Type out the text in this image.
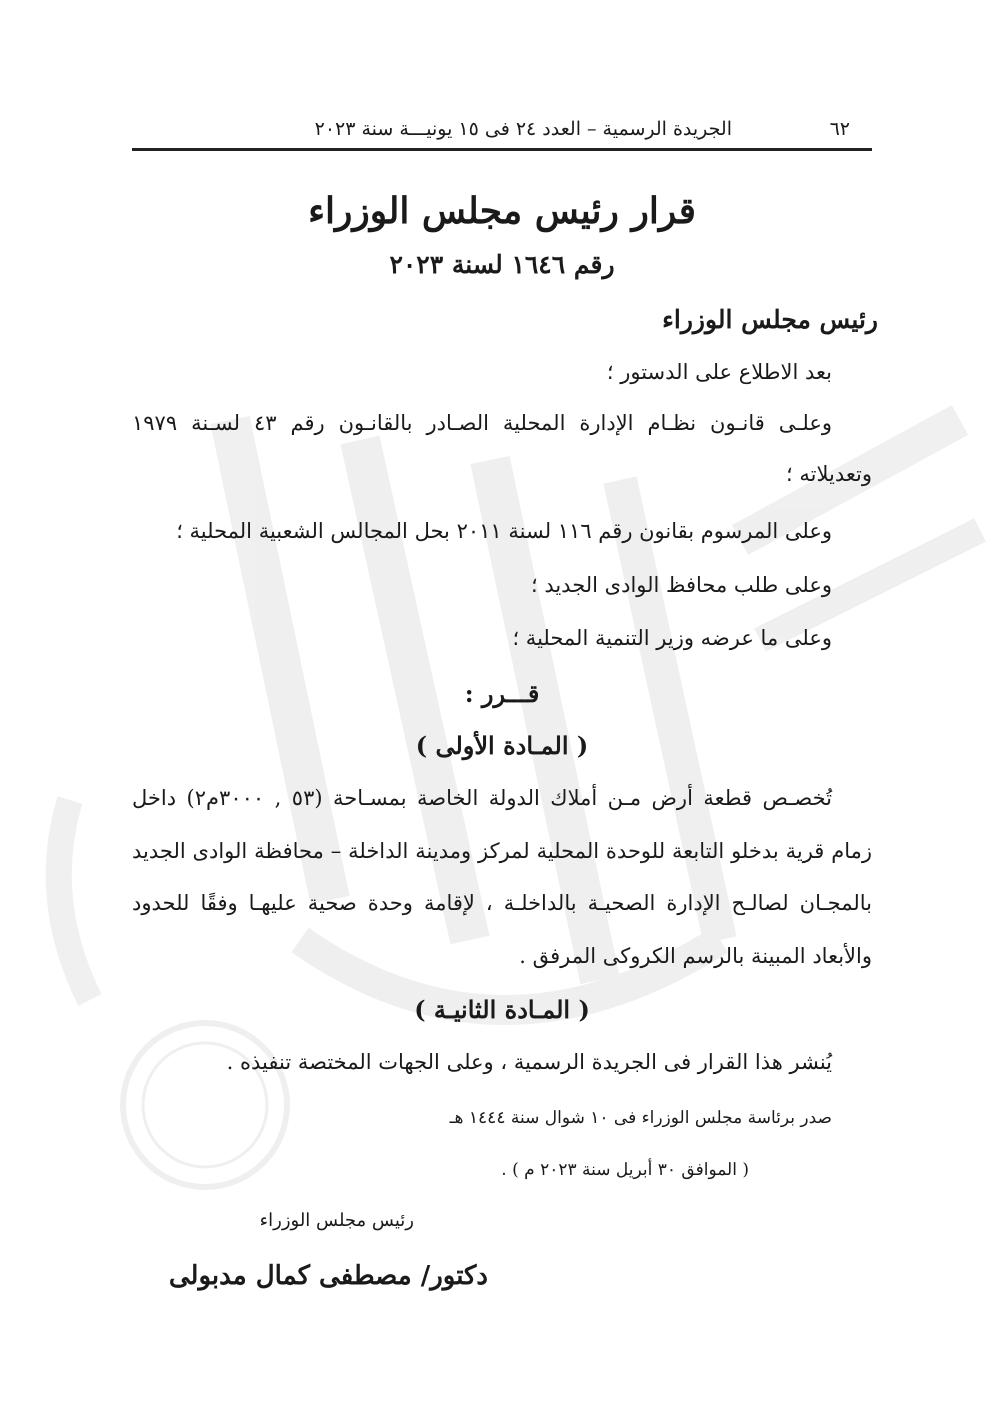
٦٢
الجريدة الرسمية – العدد ٢٤ فى ١٥ يونيـــة سنة ٢٠٢٣
قرار رئيس مجلس الوزراء
رقم ١٦٤٦ لسنة ٢٠٢٣
رئيس مجلس الوزراء
بعد الاطلاع على الدستور ؛
وعلـى قانـون نظـام الإدارة المحلية الصـادر بالقانـون رقم ٤٣ لسـنة ١٩٧٩
وتعديلاته ؛
وعلى المرسوم بقانون رقم ١١٦ لسنة ٢٠١١ بحل المجالس الشعبية المحلية ؛
وعلى طلب محافظ الوادى الجديد ؛
وعلى ما عرضه وزير التنمية المحلية ؛
قـــرر :
( المـادة الأولى )
تُخصـص قطعة أرض مـن أملاك الدولة الخاصة بمسـاحة (٥٣ , ٣٠٠٠م٢) داخل
زمام قرية بدخلو التابعة للوحدة المحلية لمركز ومدينة الداخلة – محافظة الوادى الجديد
بالمجـان لصالـح الإدارة الصحيـة بالداخلـة ، لإقامة وحدة صحية عليهـا وفقًا للحدود
والأبعاد المبينة بالرسم الكروكى المرفق .
( المـادة الثانيـة )
يُنشر هذا القرار فى الجريدة الرسمية ، وعلى الجهات المختصة تنفيذه .
صدر برئاسة مجلس الوزراء فى ١٠ شوال سنة ١٤٤٤ هـ
( الموافق ٣٠ أبريل سنة ٢٠٢٣ م ) .
رئيس مجلس الوزراء
دكتور/ مصطفى كمال مدبولى
